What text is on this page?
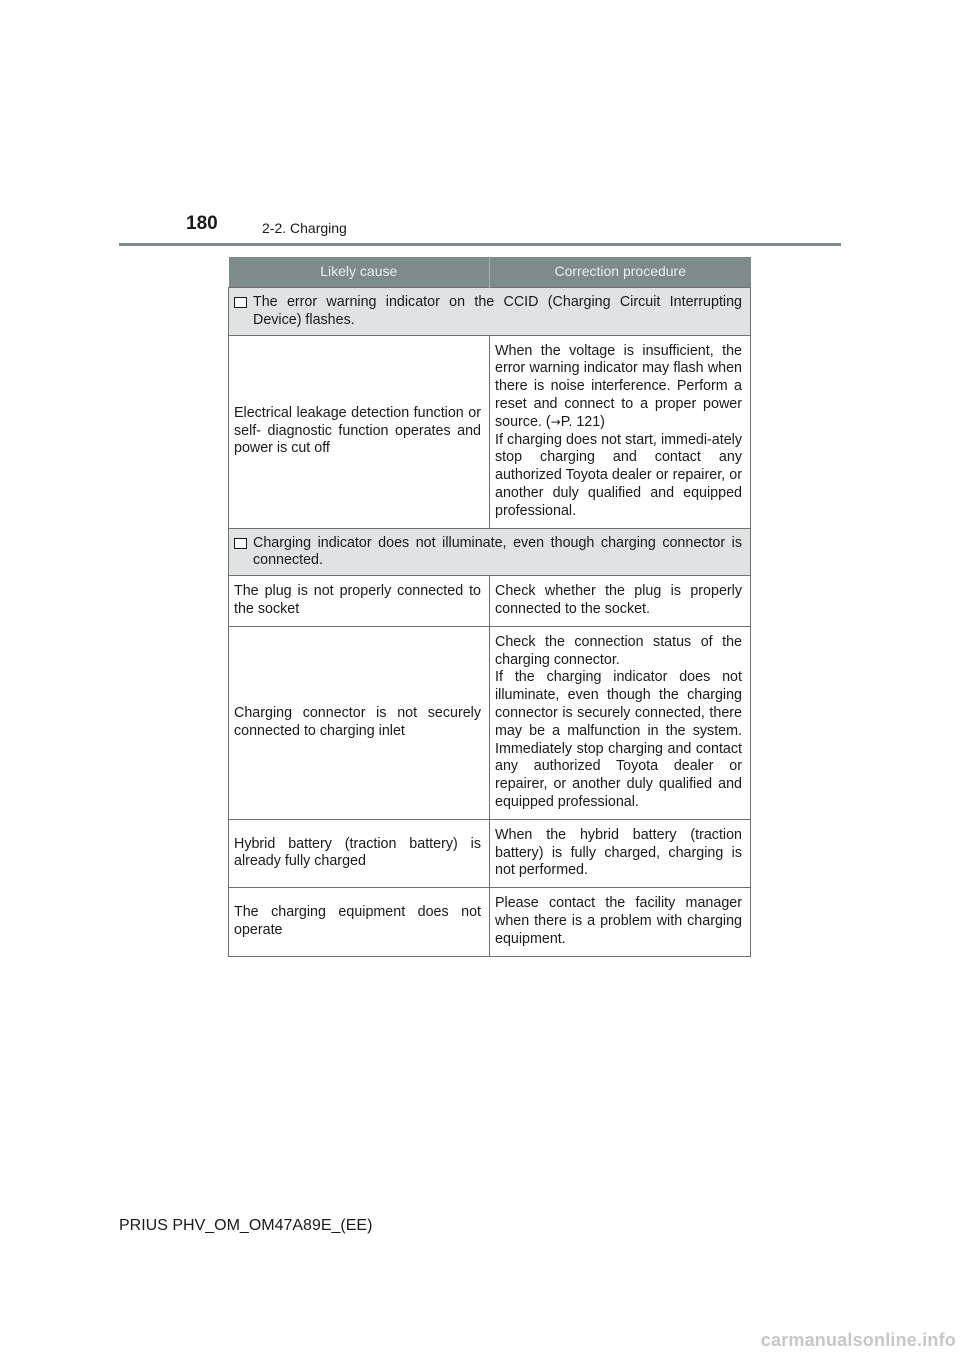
180	2-2. Charging
Likely cause	Correction procedure

The error warning indicator on the CCID (Charging Circuit Interrupting Device) flashes.	

Electrical leakage detection function or self- diagnostic function operates and power is cut off	When the voltage is insufficient, the error warning indicator may flash when there is noise interference. Perform a reset and connect to a proper power source. (→P. 121)
If charging does not start, immedi-ately stop charging and contact any authorized Toyota dealer or repairer, or another duly qualified and equipped professional.

Charging indicator does not illuminate, even though charging connector is connected.	

The plug is not properly connected to the socket	Check whether the plug is properly connected to the socket.
Charging connector is not securely connected to charging inlet	Check the connection status of the charging connector.
If the charging indicator does not illuminate, even though the charging connector is securely connected, there may be a malfunction in the system. Immediately stop charging and contact any authorized Toyota dealer or repairer, or another duly qualified and equipped professional.
Hybrid battery (traction battery) is already fully charged	When the hybrid battery (traction battery) is fully charged, charging is not performed.
The charging equipment does not operate	Please contact the facility manager when there is a problem with charging equipment.
PRIUS PHV_OM_OM47A89E_(EE)
carmanualsonline.info
